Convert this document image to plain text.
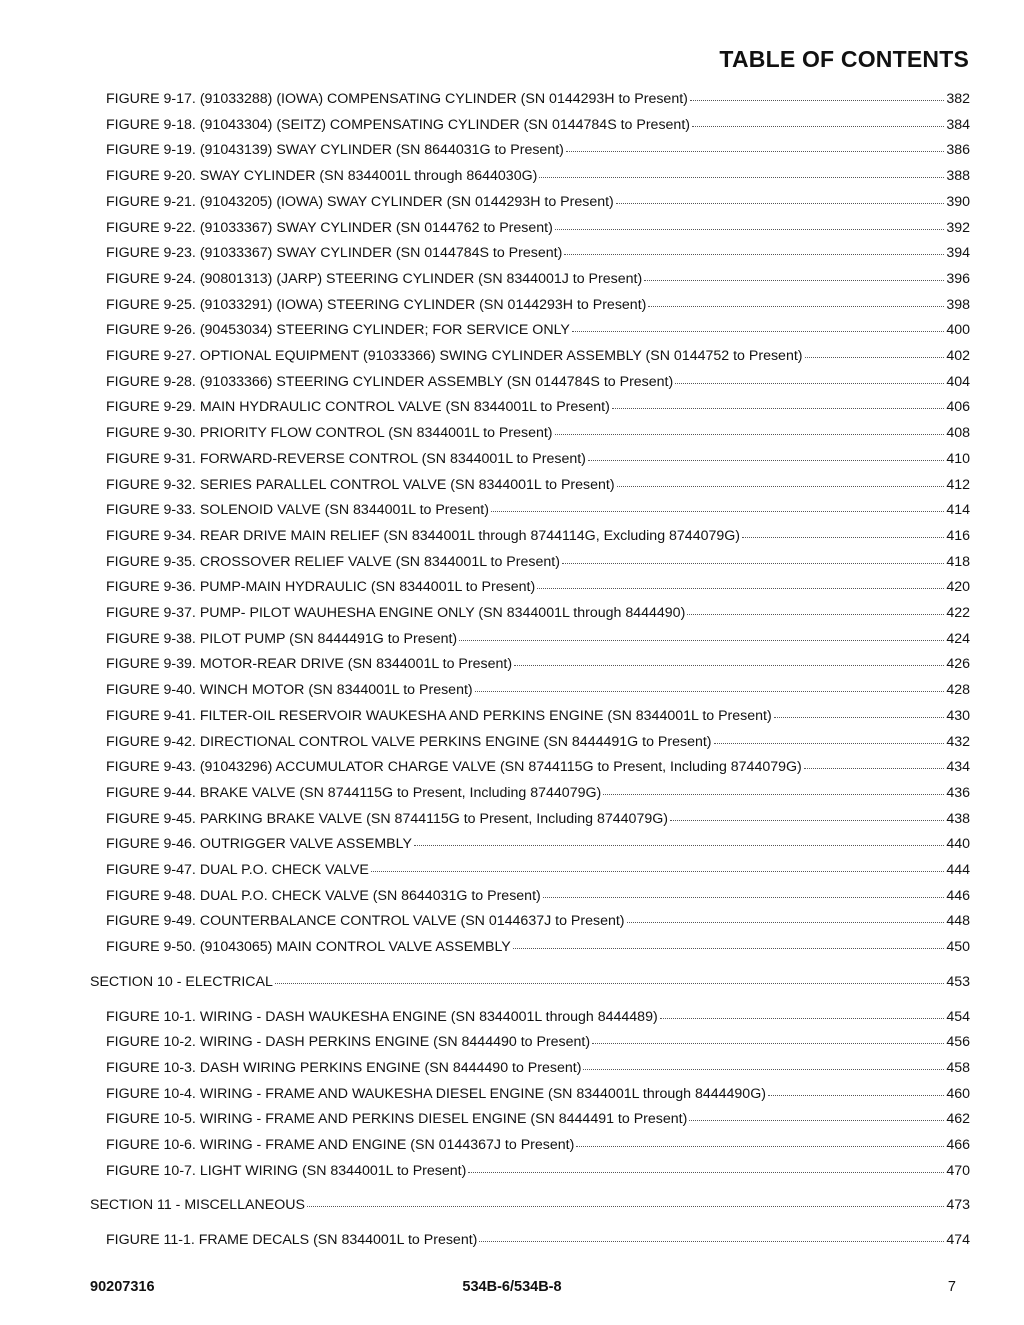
TABLE OF CONTENTS
FIGURE 9-17. (91033288) (IOWA) COMPENSATING CYLINDER (SN 0144293H to Present)	382
FIGURE 9-18. (91043304) (SEITZ) COMPENSATING CYLINDER (SN 0144784S to Present)	384
FIGURE 9-19. (91043139) SWAY CYLINDER (SN 8644031G to Present)	386
FIGURE 9-20. SWAY CYLINDER (SN 8344001L through 8644030G)	388
FIGURE 9-21. (91043205) (IOWA) SWAY CYLINDER (SN 0144293H to Present)	390
FIGURE 9-22. (91033367) SWAY CYLINDER (SN 0144762 to Present)	392
FIGURE 9-23. (91033367) SWAY CYLINDER (SN 0144784S to Present)	394
FIGURE 9-24. (90801313) (JARP) STEERING CYLINDER (SN 8344001J to Present)	396
FIGURE 9-25. (91033291) (IOWA) STEERING CYLINDER (SN 0144293H to Present)	398
FIGURE 9-26. (90453034) STEERING CYLINDER; FOR SERVICE ONLY	400
FIGURE 9-27. OPTIONAL EQUIPMENT (91033366) SWING CYLINDER ASSEMBLY (SN 0144752 to Present)	402
FIGURE 9-28. (91033366) STEERING CYLINDER ASSEMBLY (SN 0144784S to Present)	404
FIGURE 9-29. MAIN HYDRAULIC CONTROL VALVE (SN 8344001L to Present)	406
FIGURE 9-30. PRIORITY FLOW CONTROL (SN 8344001L to Present)	408
FIGURE 9-31. FORWARD-REVERSE CONTROL (SN 8344001L to Present)	410
FIGURE 9-32. SERIES PARALLEL CONTROL VALVE (SN 8344001L to Present)	412
FIGURE 9-33. SOLENOID VALVE (SN 8344001L to Present)	414
FIGURE 9-34. REAR DRIVE MAIN RELIEF (SN 8344001L through 8744114G, Excluding 8744079G)	416
FIGURE 9-35. CROSSOVER RELIEF VALVE (SN 8344001L to Present)	418
FIGURE 9-36. PUMP-MAIN HYDRAULIC (SN 8344001L to Present)	420
FIGURE 9-37. PUMP- PILOT WAUHESHA ENGINE ONLY (SN 8344001L through 8444490)	422
FIGURE 9-38. PILOT PUMP (SN 8444491G to Present)	424
FIGURE 9-39. MOTOR-REAR DRIVE (SN 8344001L to Present)	426
FIGURE 9-40. WINCH MOTOR (SN 8344001L to Present)	428
FIGURE 9-41. FILTER-OIL RESERVOIR WAUKESHA AND PERKINS ENGINE (SN 8344001L to Present)	430
FIGURE 9-42. DIRECTIONAL CONTROL VALVE PERKINS ENGINE (SN 8444491G to Present)	432
FIGURE 9-43. (91043296) ACCUMULATOR CHARGE VALVE (SN 8744115G to Present, Including 8744079G)	434
FIGURE 9-44. BRAKE VALVE (SN 8744115G to Present, Including 8744079G)	436
FIGURE 9-45. PARKING BRAKE VALVE (SN 8744115G to Present, Including 8744079G)	438
FIGURE 9-46. OUTRIGGER VALVE ASSEMBLY	440
FIGURE 9-47. DUAL P.O. CHECK VALVE	444
FIGURE 9-48. DUAL P.O. CHECK VALVE (SN 8644031G to Present)	446
FIGURE 9-49. COUNTERBALANCE CONTROL VALVE (SN 0144637J to Present)	448
FIGURE 9-50. (91043065) MAIN CONTROL VALVE ASSEMBLY	450
SECTION 10 - ELECTRICAL	453
FIGURE 10-1. WIRING - DASH WAUKESHA ENGINE (SN 8344001L through 8444489)	454
FIGURE 10-2. WIRING - DASH PERKINS ENGINE (SN 8444490 to Present)	456
FIGURE 10-3. DASH WIRING PERKINS ENGINE (SN 8444490 to Present)	458
FIGURE 10-4. WIRING - FRAME AND WAUKESHA DIESEL ENGINE (SN 8344001L through 8444490G)	460
FIGURE 10-5. WIRING - FRAME AND PERKINS DIESEL ENGINE (SN 8444491 to Present)	462
FIGURE 10-6. WIRING - FRAME AND ENGINE (SN 0144367J to Present)	466
FIGURE 10-7. LIGHT WIRING (SN 8344001L to Present)	470
SECTION 11 - MISCELLANEOUS	473
FIGURE 11-1. FRAME DECALS (SN 8344001L to Present)	474
90207316	534B-6/534B-8	7
